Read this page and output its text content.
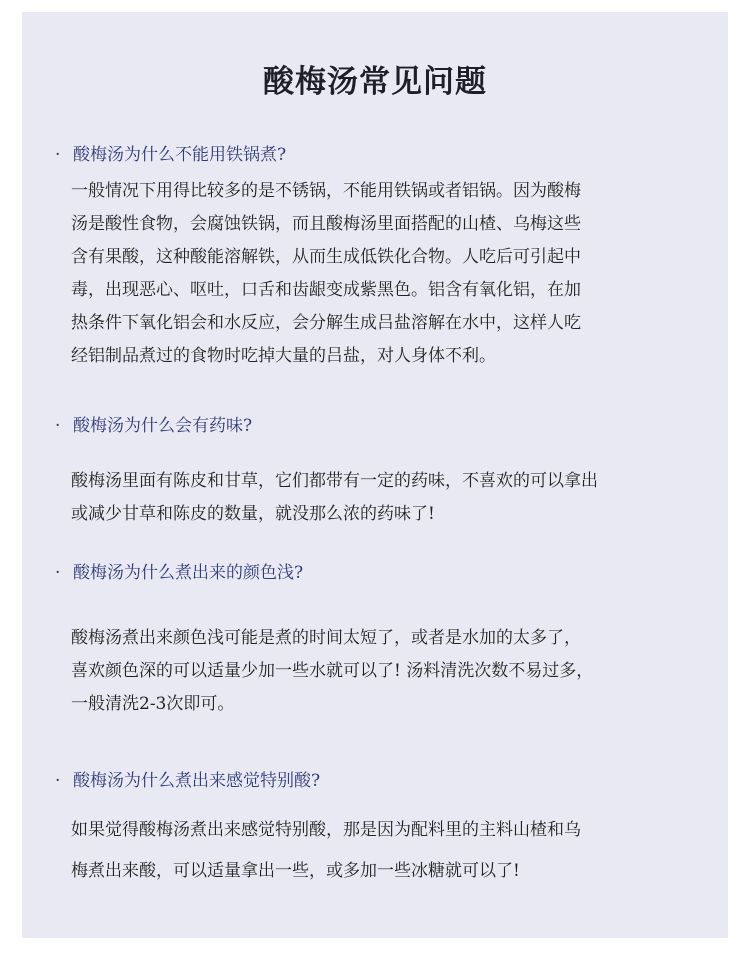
酸梅汤常见问题
· 酸梅汤为什么不能用铁锅煮?
一般情况下用得比较多的是不锈锅，不能用铁锅或者铝锅。因为酸梅
汤是酸性食物，会腐蚀铁锅，而且酸梅汤里面搭配的山楂、乌梅这些
含有果酸，这种酸能溶解铁，从而生成低铁化合物。人吃后可引起中
毒，出现恶心、呕吐，口舌和齿龈变成紫黑色。铝含有氧化铝，在加
热条件下氧化铝会和水反应，会分解生成吕盐溶解在水中，这样人吃
经铝制品煮过的食物时吃掉大量的吕盐，对人身体不利。
· 酸梅汤为什么会有药味?
酸梅汤里面有陈皮和甘草，它们都带有一定的药味，不喜欢的可以拿出
或减少甘草和陈皮的数量，就没那么浓的药味了!
· 酸梅汤为什么煮出来的颜色浅?
酸梅汤煮出来颜色浅可能是煮的时间太短了，或者是水加的太多了，
喜欢颜色深的可以适量少加一些水就可以了! 汤料清洗次数不易过多，
一般清洗2-3次即可。
· 酸梅汤为什么煮出来感觉特别酸?
如果觉得酸梅汤煮出来感觉特别酸，那是因为配料里的主料山楂和乌
梅煮出来酸，可以适量拿出一些，或多加一些冰糖就可以了!
